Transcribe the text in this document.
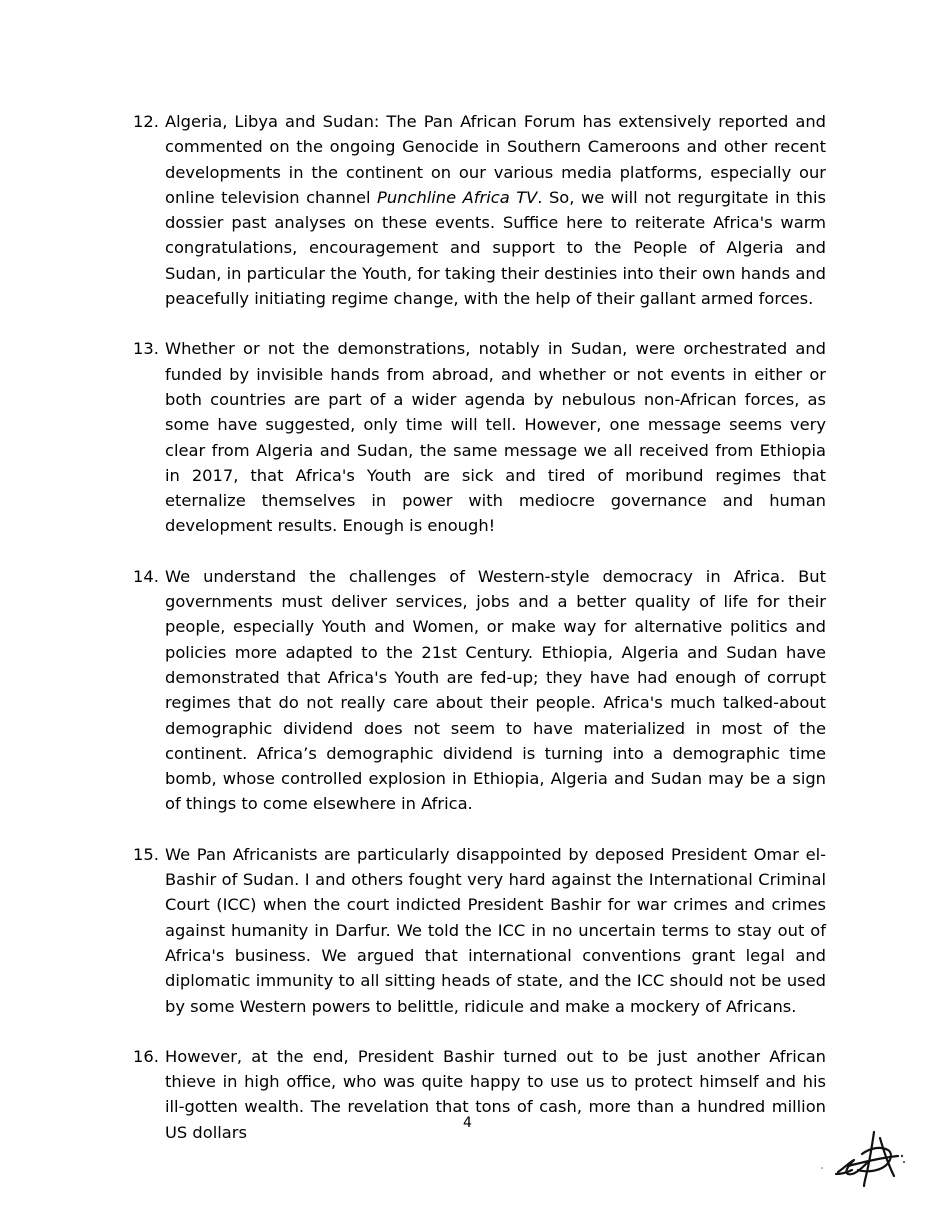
12. Algeria, Libya and Sudan: The Pan African Forum has extensively reported and commented on the ongoing Genocide in Southern Cameroons and other recent developments in the continent on our various media platforms, especially our online television channel Punchline Africa TV. So, we will not regurgitate in this dossier past analyses on these events. Suffice here to reiterate Africa's warm congratulations, encouragement and support to the People of Algeria and Sudan, in particular the Youth, for taking their destinies into their own hands and peacefully initiating regime change, with the help of their gallant armed forces.

13. Whether or not the demonstrations, notably in Sudan, were orchestrated and funded by invisible hands from abroad, and whether or not events in either or both countries are part of a wider agenda by nebulous non-African forces, as some have suggested, only time will tell. However, one message seems very clear from Algeria and Sudan, the same message we all received from Ethiopia in 2017, that Africa's Youth are sick and tired of moribund regimes that eternalize themselves in power with mediocre governance and human development results. Enough is enough!

14. We understand the challenges of Western-style democracy in Africa. But governments must deliver services, jobs and a better quality of life for their people, especially Youth and Women, or make way for alternative politics and policies more adapted to the 21st Century. Ethiopia, Algeria and Sudan have demonstrated that Africa's Youth are fed-up; they have had enough of corrupt regimes that do not really care about their people. Africa's much talked-about demographic dividend does not seem to have materialized in most of the continent. Africa’s demographic dividend is turning into a demographic time bomb, whose controlled explosion in Ethiopia, Algeria and Sudan may be a sign of things to come elsewhere in Africa.

15. We Pan Africanists are particularly disappointed by deposed President Omar el-Bashir of Sudan. I and others fought very hard against the International Criminal Court (ICC) when the court indicted President Bashir for war crimes and crimes against humanity in Darfur. We told the ICC in no uncertain terms to stay out of Africa's business. We argued that international conventions grant legal and diplomatic immunity to all sitting heads of state, and the ICC should not be used by some Western powers to belittle, ridicule and make a mockery of Africans.

16. However, at the end, President Bashir turned out to be just another African thieve in high office, who was quite happy to use us to protect himself and his ill-gotten wealth. The revelation that tons of cash, more than a hundred million US dollars	4
